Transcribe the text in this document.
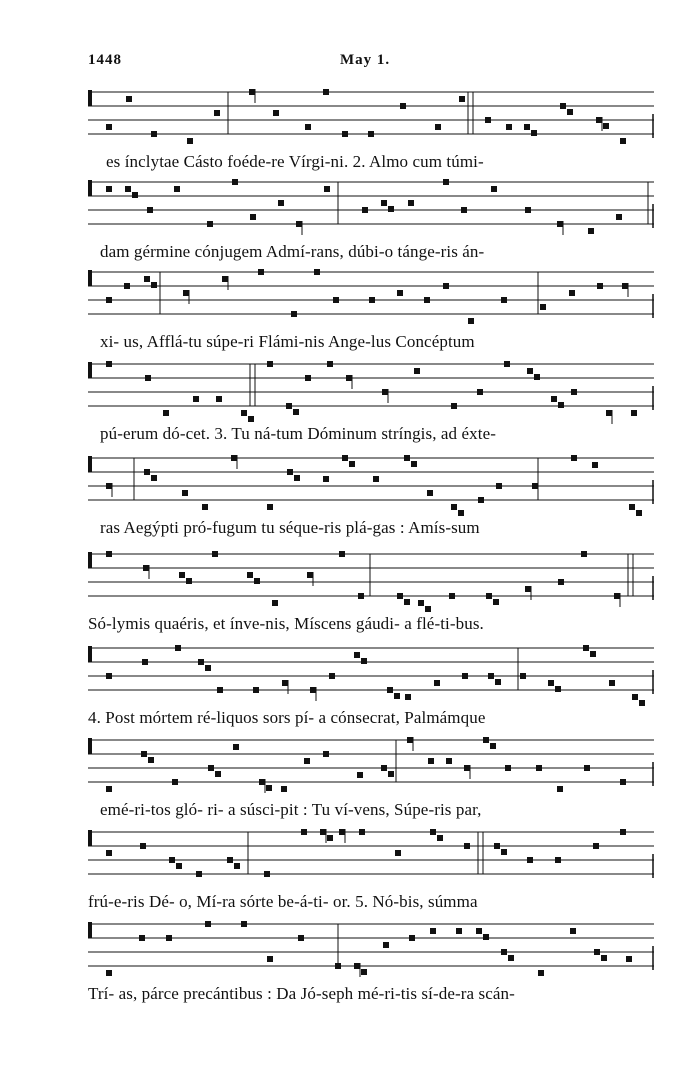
1448	May 1.
es ínclytae Cásto foéde-re Vírgi-ni. 2. Almo cum túmi-
dam gérmine cónjugem Admí-rans, dúbi-o tánge-ris án-
xi- us, Afflá-tu súpe-ri Flámi-nis Ange-lus Concéptum
pú-erum dó-cet. 3. Tu ná-tum Dóminum stríngis, ad éxte-
ras Aegýpti pró-fugum tu séque-ris plá-gas : Amís-sum
Só-lymis quaéris, et ínve-nis, Míscens gáudi- a flé-ti-bus.
4. Post mórtem ré-liquos sors pí- a cónsecrat, Palmámque
emé-ri-tos gló- ri- a súsci-pit : Tu ví-vens, Súpe-ris par,
frú-e-ris Dé- o, Mí-ra sórte be-á-ti- or. 5. Nó-bis, súmma
Trí- as, párce precántibus : Da Jó-seph mé-ri-tis sí-de-ra scán-
